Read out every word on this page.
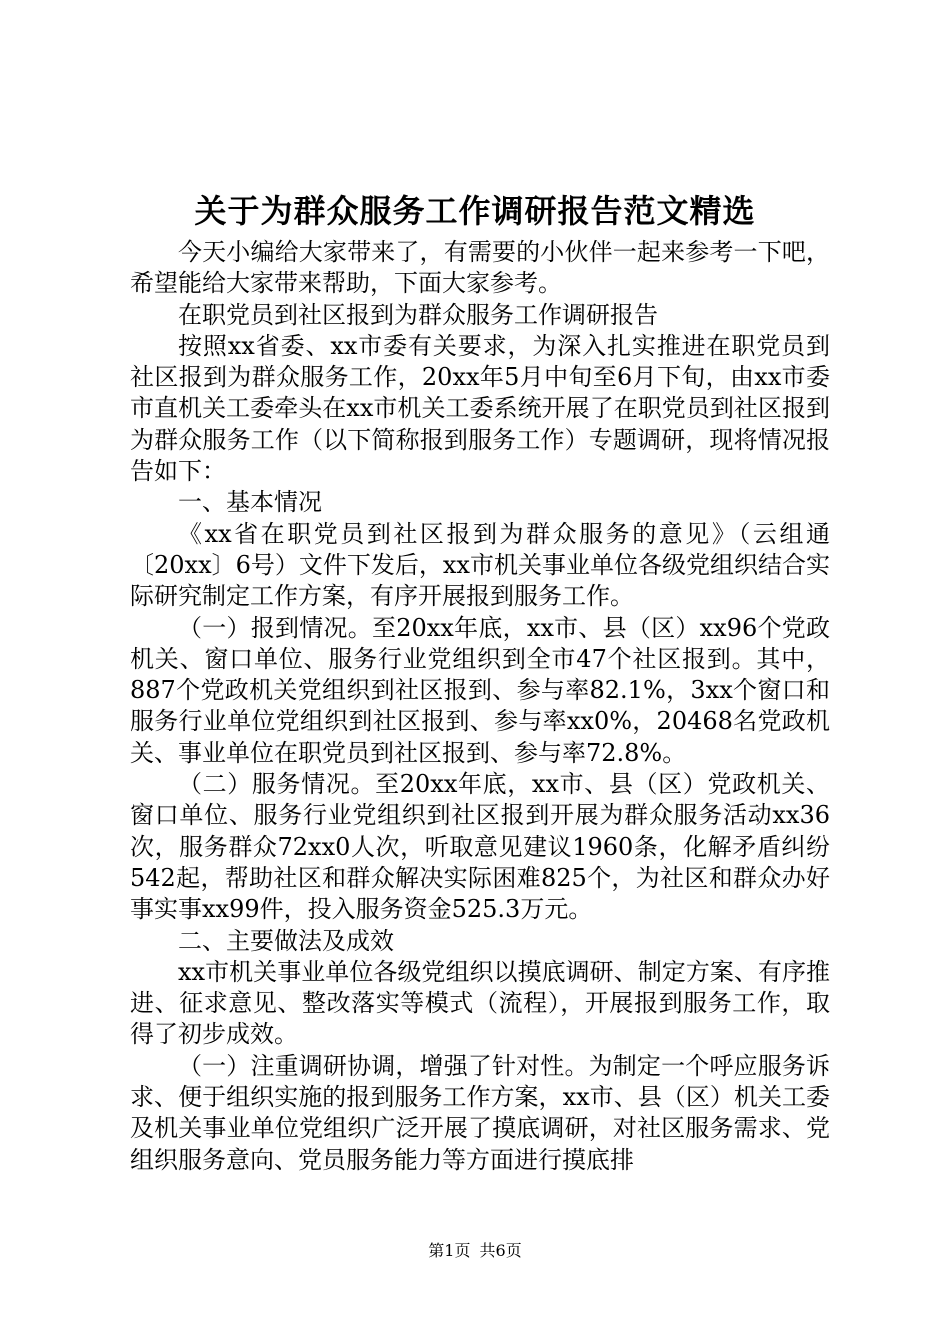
关于为群众服务工作调研报告范文精选

今天小编给大家带来了，有需要的小伙伴一起来参考一下吧，希望能给大家带来帮助，下面大家参考。

在职党员到社区报到为群众服务工作调研报告

按照xx省委、xx市委有关要求，为深入扎实推进在职党员到社区报到为群众服务工作，20xx年5月中旬至6月下旬，由xx市委市直机关工委牵头在xx市机关工委系统开展了在职党员到社区报到为群众服务工作（以下简称报到服务工作）专题调研，现将情况报告如下：

一、基本情况

《xx省在职党员到社区报到为群众服务的意见》（云组通〔20xx〕6号）文件下发后，xx市机关事业单位各级党组织结合实际研究制定工作方案，有序开展报到服务工作。

（一）报到情况。至20xx年底，xx市、县（区）xx96个党政机关、窗口单位、服务行业党组织到全市47个社区报到。其中，887个党政机关党组织到社区报到、参与率82.1%，3xx个窗口和服务行业单位党组织到社区报到、参与率xx0%，20468名党政机关、事业单位在职党员到社区报到、参与率72.8%。

（二）服务情况。至20xx年底，xx市、县（区）党政机关、窗口单位、服务行业党组织到社区报到开展为群众服务活动xx36次，服务群众72xx0人次，听取意见建议1960条，化解矛盾纠纷542起，帮助社区和群众解决实际困难825个，为社区和群众办好事实事xx99件，投入服务资金525.3万元。

二、主要做法及成效

xx市机关事业单位各级党组织以摸底调研、制定方案、有序推进、征求意见、整改落实等模式（流程），开展报到服务工作，取得了初步成效。

（一）注重调研协调，增强了针对性。为制定一个呼应服务诉求、便于组织实施的报到服务工作方案，xx市、县（区）机关工委及机关事业单位党组织广泛开展了摸底调研，对社区服务需求、党组织服务意向、党员服务能力等方面进行摸底排

第1页 共6页
